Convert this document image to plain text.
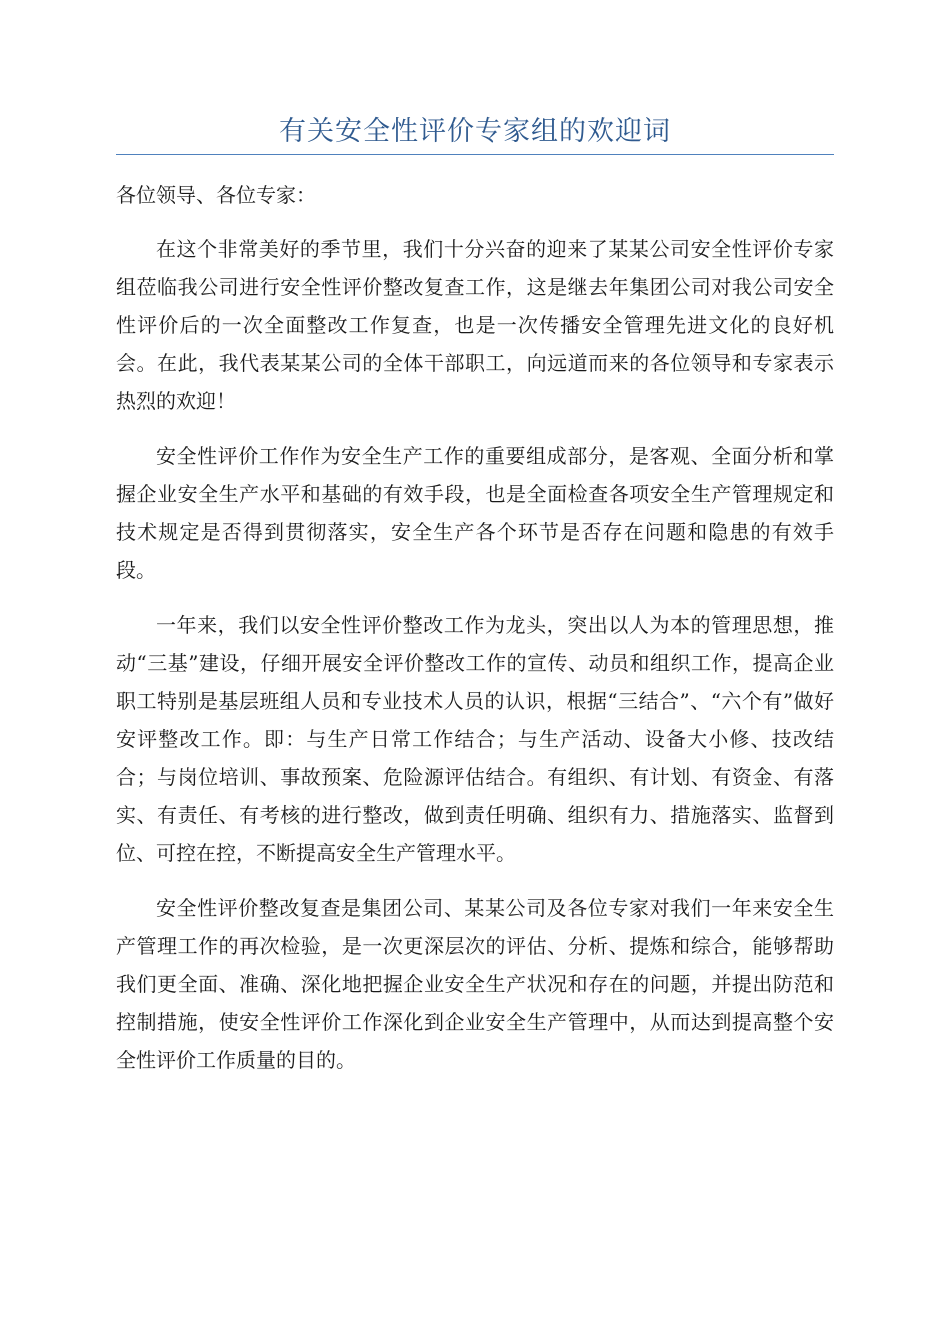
有关安全性评价专家组的欢迎词

各位领导、各位专家：

在这个非常美好的季节里，我们十分兴奋的迎来了某某公司安全性评价专家组莅临我公司进行安全性评价整改复查工作，这是继去年集团公司对我公司安全性评价后的一次全面整改工作复查，也是一次传播安全管理先进文化的良好机会。在此，我代表某某公司的全体干部职工，向远道而来的各位领导和专家表示热烈的欢迎！

安全性评价工作作为安全生产工作的重要组成部分，是客观、全面分析和掌握企业安全生产水平和基础的有效手段，也是全面检查各项安全生产管理规定和技术规定是否得到贯彻落实，安全生产各个环节是否存在问题和隐患的有效手段。

一年来，我们以安全性评价整改工作为龙头，突出以人为本的管理思想，推动“三基”建设，仔细开展安全评价整改工作的宣传、动员和组织工作，提高企业职工特别是基层班组人员和专业技术人员的认识，根据“三结合”、“六个有”做好安评整改工作。即：与生产日常工作结合；与生产活动、设备大小修、技改结合；与岗位培训、事故预案、危险源评估结合。有组织、有计划、有资金、有落实、有责任、有考核的进行整改，做到责任明确、组织有力、措施落实、监督到位、可控在控，不断提高安全生产管理水平。

安全性评价整改复查是集团公司、某某公司及各位专家对我们一年来安全生产管理工作的再次检验，是一次更深层次的评估、分析、提炼和综合，能够帮助我们更全面、准确、深化地把握企业安全生产状况和存在的问题，并提出防范和控制措施，使安全性评价工作深化到企业安全生产管理中，从而达到提高整个安全性评价工作质量的目的。
